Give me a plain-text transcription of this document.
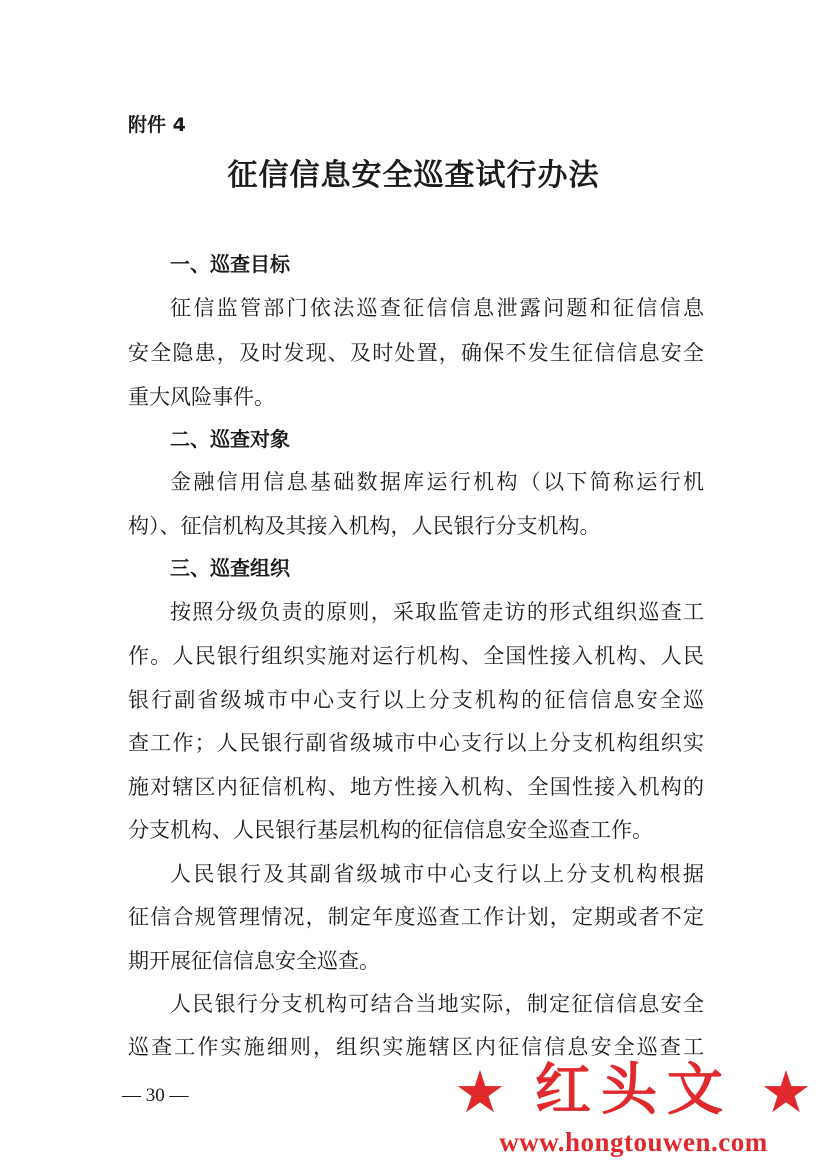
附件 4
征信信息安全巡查试行办法
一、巡查目标
征信监管部门依法巡查征信信息泄露问题和征信信息
安全隐患，及时发现、及时处置，确保不发生征信信息安全
重大风险事件。
二、巡查对象
金融信用信息基础数据库运行机构（以下简称运行机
构）、征信机构及其接入机构，人民银行分支机构。
三、巡查组织
按照分级负责的原则，采取监管走访的形式组织巡查工
作。人民银行组织实施对运行机构、全国性接入机构、人民
银行副省级城市中心支行以上分支机构的征信信息安全巡
查工作；人民银行副省级城市中心支行以上分支机构组织实
施对辖区内征信机构、地方性接入机构、全国性接入机构的
分支机构、人民银行基层机构的征信信息安全巡查工作。
人民银行及其副省级城市中心支行以上分支机构根据
征信合规管理情况，制定年度巡查工作计划，定期或者不定
期开展征信信息安全巡查。
人民银行分支机构可结合当地实际，制定征信信息安全
巡查工作实施细则，组织实施辖区内征信信息安全巡查工
— 30 —	★ 红头文 ★
www.hongtouwen.com
